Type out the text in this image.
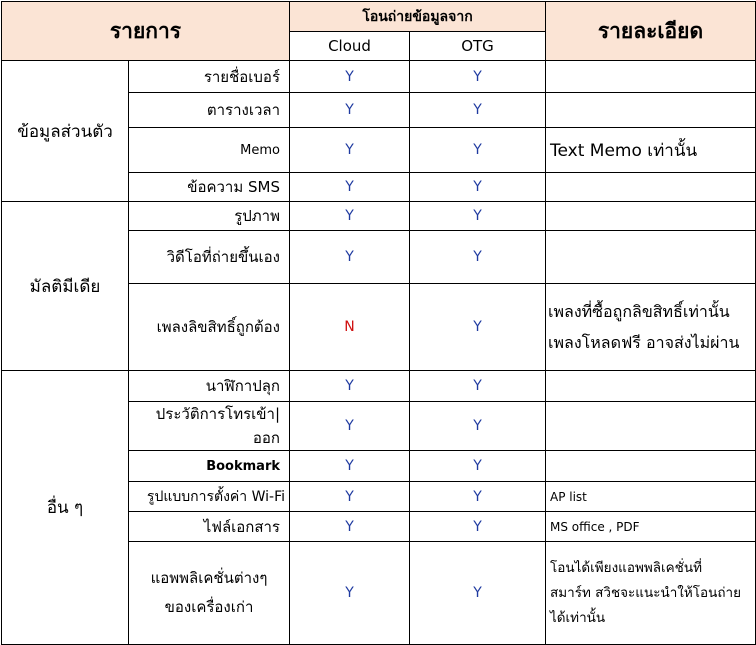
รายการ		โอนถ่ายข้อมูลจาก		รายละเอียด
		Cloud	OTG	
ข้อมูลส่วนตัว	รายชื่อเบอร์	Y	Y	
	ตารางเวลา	Y	Y	
	Memo	Y	Y	Text Memo เท่านั้น
	ข้อความ SMS	Y	Y	
มัลติมีเดีย	รูปภาพ	Y	Y	
	วิดีโอที่ถ่ายขึ้นเอง	Y	Y	
	เพลงลิขสิทธิ์ถูกต้อง	N	Y	เพลงที่ซื้อถูกลิขสิทธิ์เท่านั้น
เพลงโหลดฟรี อาจส่งไม่ผ่าน

อื่น ๆ	นาฬิกาปลุก	Y	Y	
	ประวัติการโทรเข้า|ออก	Y	Y	
	Bookmark	Y	Y	
	รูปแบบการตั้งค่า Wi-Fi	Y	Y	AP list
	ไฟล์เอกสาร	Y	Y	MS office , PDF

	แอพพลิเคชั่นต่างๆ
ของเครื่องเก่า	Y	Y	โอนได้เพียงแอพพลิเคชั่นที่
สมาร์ท สวิชจะแนะนำให้โอนถ่าย
ได้เท่านั้น
